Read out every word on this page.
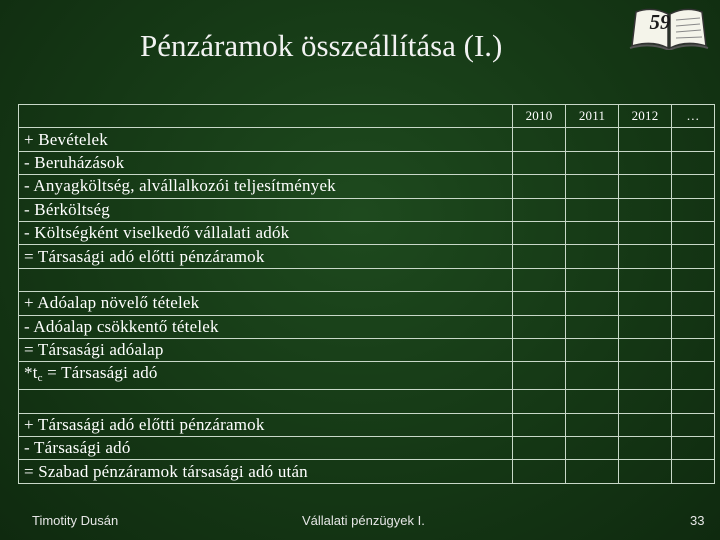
Pénzáramok összeállítása (I.)
59
	2010	2011	2012	…
+ Bevételek				
- Beruházások				
- Anyagköltség, alvállalkozói teljesítmények				
- Bérköltség				
- Költségként viselkedő vállalati adók				
= Társasági adó előtti pénzáramok				

+ Adóalap növelő tételek				
- Adóalap csökkentő tételek				
= Társasági adóalap				
$*t_c$ = Társasági adó				

+ Társasági adó előtti pénzáramok				
- Társasági adó				
= Szabad pénzáramok társasági adó után				
Timotity Dusán	Vállalati pénzügyek I.	33
